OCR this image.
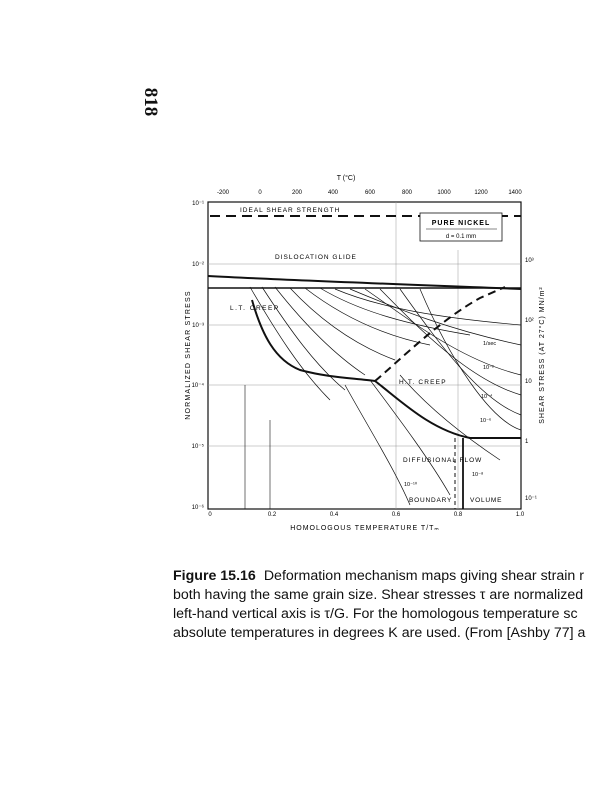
818
T (°C)
-200	0	200	400	600	800	1000	1200	1400
10⁻¹
10⁻²
10⁻³
10⁻⁴
10⁻⁵
10⁻⁶
10³
10²
10
1
10⁻¹
0	0.2	0.4	0.6	0.8	1.0
HOMOLOGOUS TEMPERATURE T/Tₘ
NORMALIZED SHEAR STRESS	SHEAR STRESS (AT 27°C) MN/m²
IDEAL SHEAR STRENGTH
PURE NICKEL
d = 0.1 mm
DISLOCATION GLIDE
L.T. CREEP
H.T. CREEP
DIFFUSIONAL FLOW
BOUNDARY	VOLUME
1/sec
10⁻²
10⁻⁴
10⁻⁶
10⁻⁸
10⁻¹⁰

Figure 15.16 Deformation mechanism maps giving shear strain r

both having the same grain size. Shear stresses τ are normalized

left-hand vertical axis is τ/G. For the homologous temperature sc

absolute temperatures in degrees K are used. (From [Ashby 77] a
